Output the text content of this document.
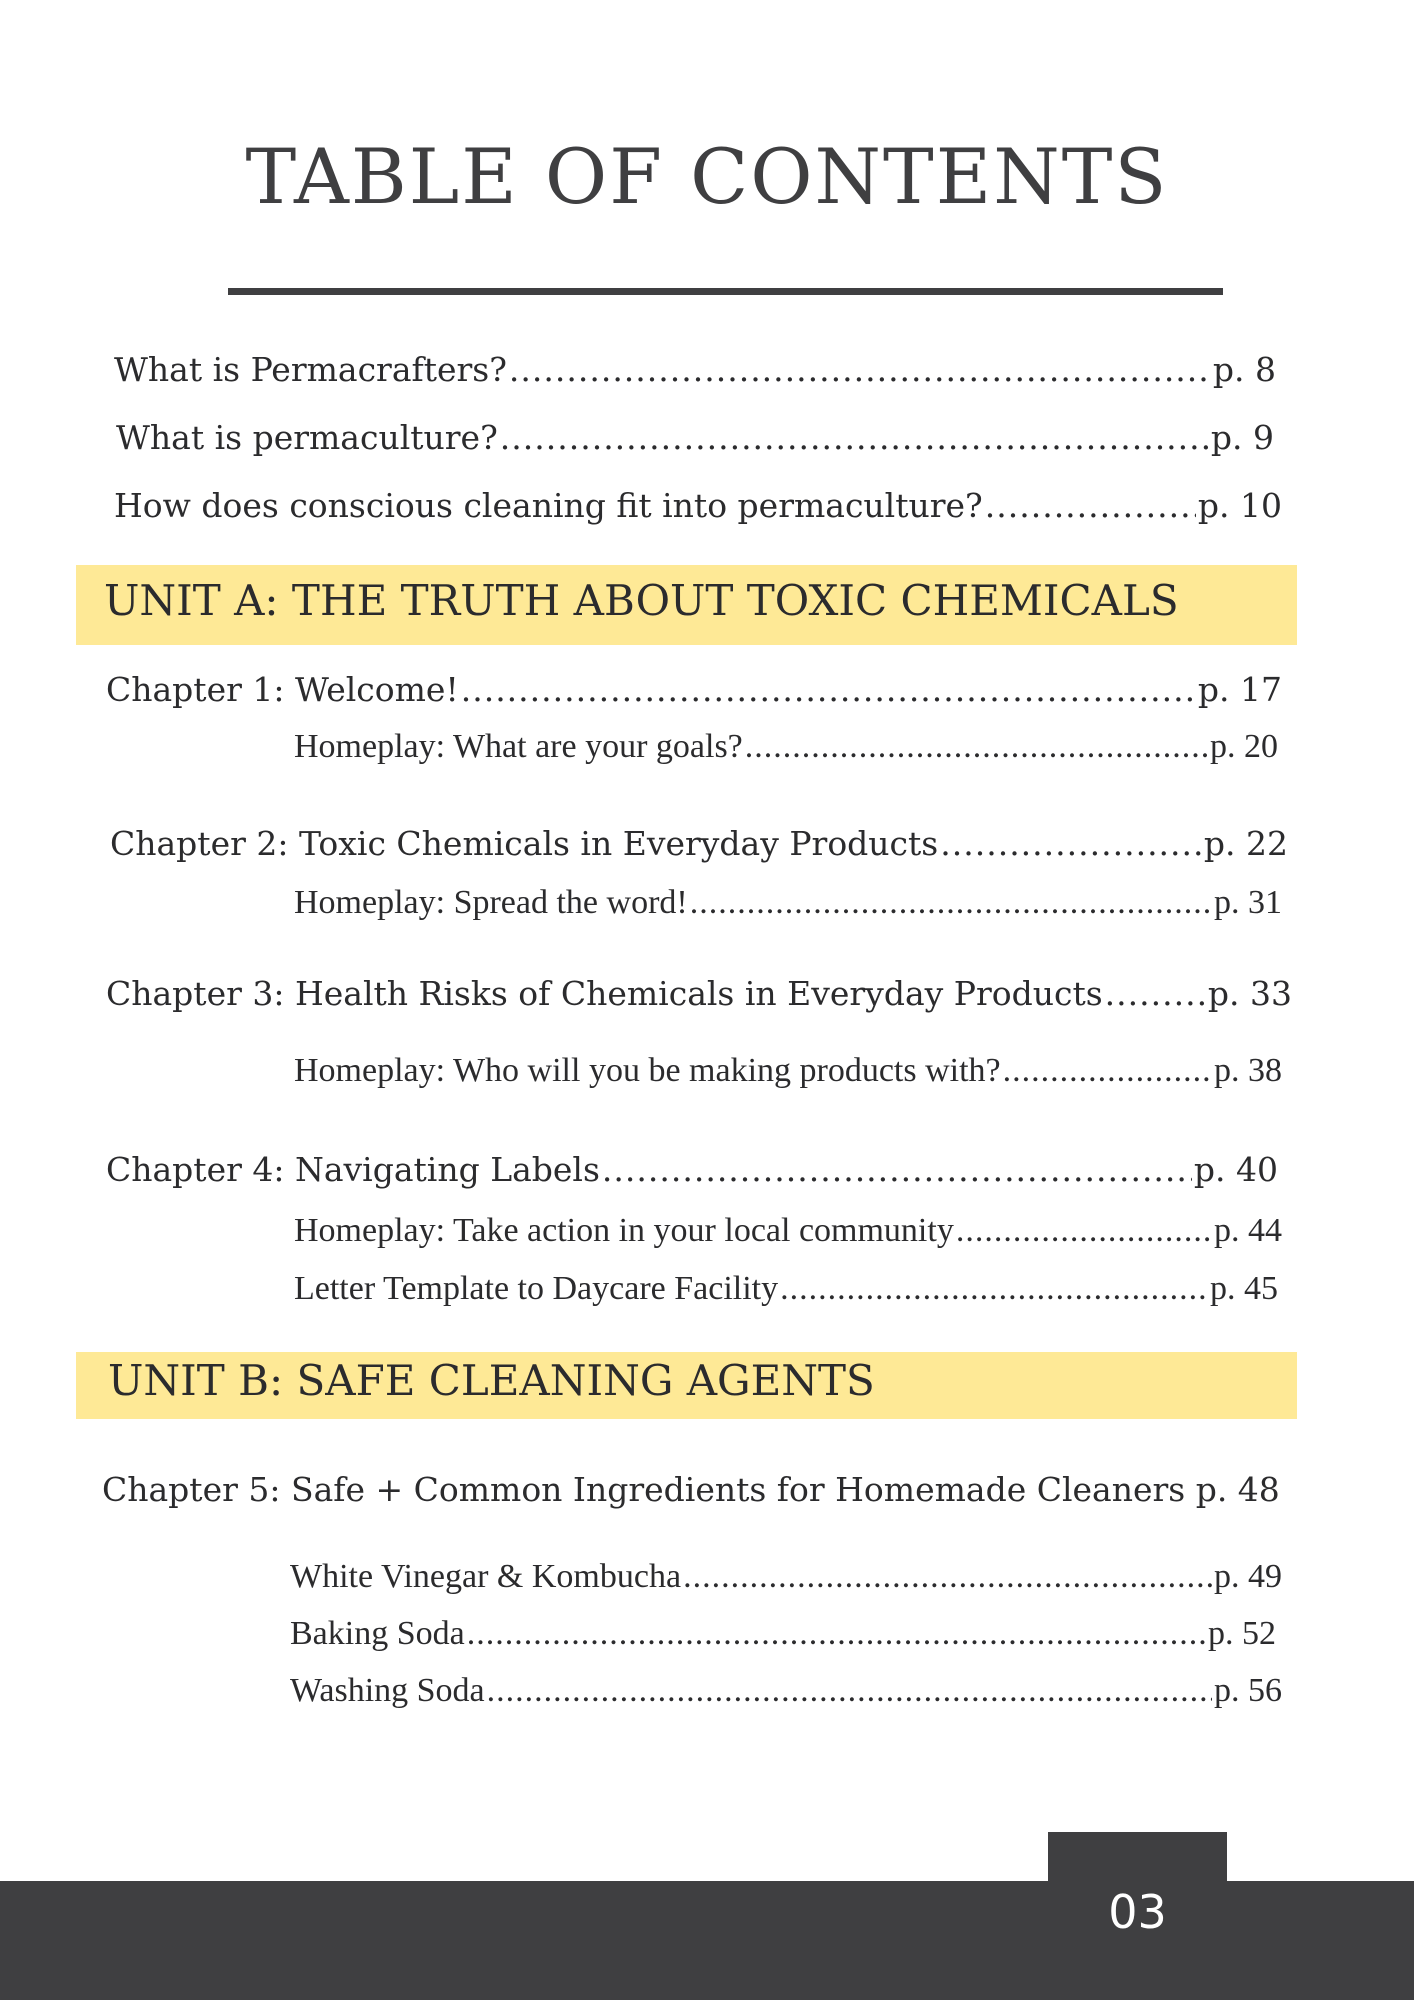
TABLE OF CONTENTS
What is Permacrafters? .....	p. 8
What is permaculture? .....	p. 9
How does conscious cleaning fit into permaculture? .....	p. 10
UNIT A: THE TRUTH ABOUT TOXIC CHEMICALS
Chapter 1: Welcome! .....	p. 17
Homeplay: What are your goals? .....	p. 20
Chapter 2: Toxic Chemicals in Everyday Products .....	p. 22
Homeplay: Spread the word! .....	p. 31
Chapter 3: Health Risks of Chemicals in Everyday Products .....	p. 33
Homeplay: Who will you be making products with? .....	p. 38
Chapter 4: Navigating Labels .....	p. 40
Homeplay: Take action in your local community .....	p. 44
Letter Template to Daycare Facility .....	p. 45
UNIT B: SAFE CLEANING AGENTS
Chapter 5: Safe + Common Ingredients for Homemade Cleaners p. 48
White Vinegar & Kombucha .....	p. 49
Baking Soda .....	p. 52
Washing Soda .....	p. 56
03
